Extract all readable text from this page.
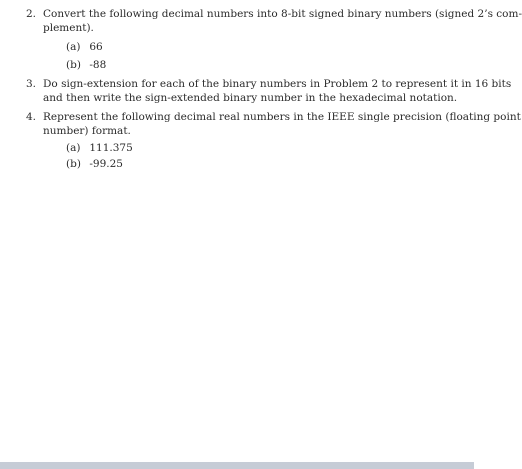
2. Convert the following decimal numbers into 8-bit signed binary numbers (signed 2’s com-
plement).
(a) 66
(b) -88
3. Do sign-extension for each of the binary numbers in Problem 2 to represent it in 16 bits
and then write the sign-extended binary number in the hexadecimal notation.
4. Represent the following decimal real numbers in the IEEE single precision (floating point
number) format.
(a) 111.375
(b) -99.25
